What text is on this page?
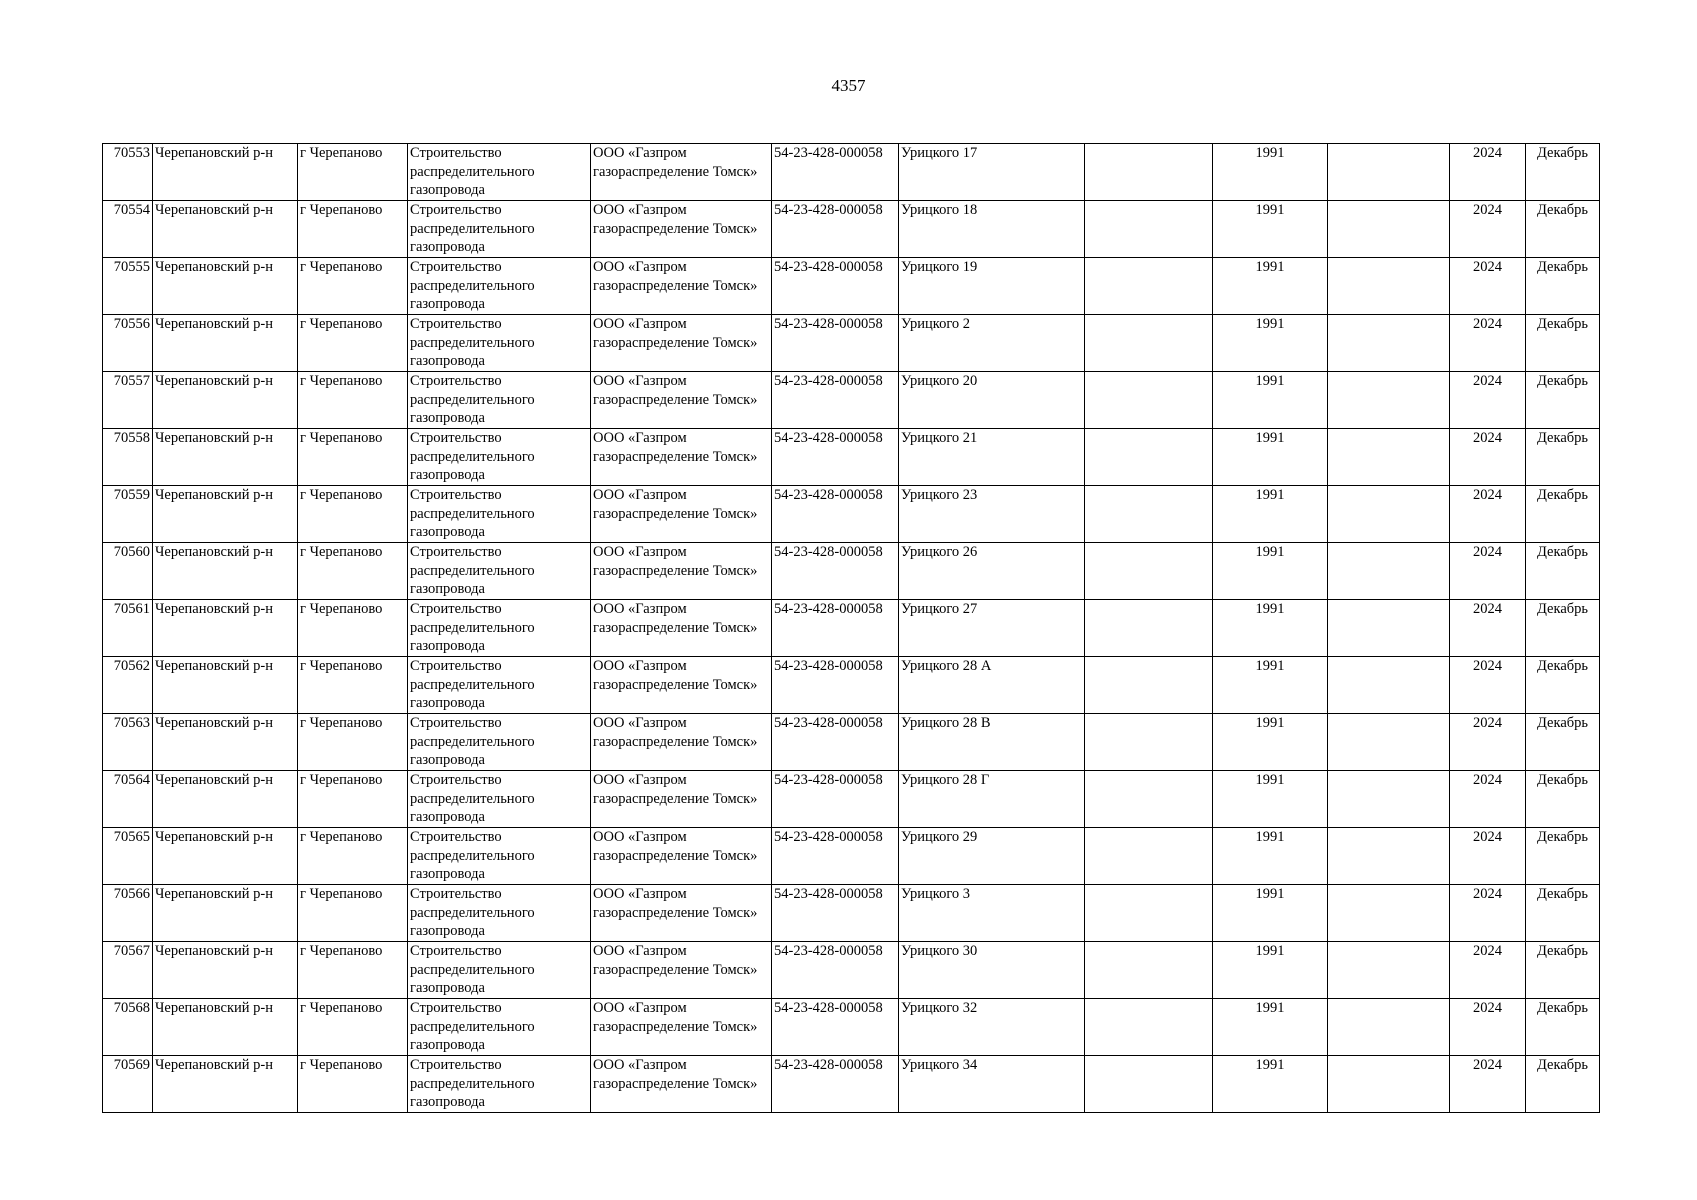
4357
70553	Черепановский р-н	г Черепаново	Строительство распределительного газопровода	ООО «Газпром газораспределение Томск»	54-23-428-000058	Урицкого 17		1991		2024	Декабрь
70554	Черепановский р-н	г Черепаново	Строительство распределительного газопровода	ООО «Газпром газораспределение Томск»	54-23-428-000058	Урицкого 18		1991		2024	Декабрь
70555	Черепановский р-н	г Черепаново	Строительство распределительного газопровода	ООО «Газпром газораспределение Томск»	54-23-428-000058	Урицкого 19		1991		2024	Декабрь
70556	Черепановский р-н	г Черепаново	Строительство распределительного газопровода	ООО «Газпром газораспределение Томск»	54-23-428-000058	Урицкого 2		1991		2024	Декабрь
70557	Черепановский р-н	г Черепаново	Строительство распределительного газопровода	ООО «Газпром газораспределение Томск»	54-23-428-000058	Урицкого 20		1991		2024	Декабрь
70558	Черепановский р-н	г Черепаново	Строительство распределительного газопровода	ООО «Газпром газораспределение Томск»	54-23-428-000058	Урицкого 21		1991		2024	Декабрь
70559	Черепановский р-н	г Черепаново	Строительство распределительного газопровода	ООО «Газпром газораспределение Томск»	54-23-428-000058	Урицкого 23		1991		2024	Декабрь
70560	Черепановский р-н	г Черепаново	Строительство распределительного газопровода	ООО «Газпром газораспределение Томск»	54-23-428-000058	Урицкого 26		1991		2024	Декабрь
70561	Черепановский р-н	г Черепаново	Строительство распределительного газопровода	ООО «Газпром газораспределение Томск»	54-23-428-000058	Урицкого 27		1991		2024	Декабрь
70562	Черепановский р-н	г Черепаново	Строительство распределительного газопровода	ООО «Газпром газораспределение Томск»	54-23-428-000058	Урицкого 28 А		1991		2024	Декабрь
70563	Черепановский р-н	г Черепаново	Строительство распределительного газопровода	ООО «Газпром газораспределение Томск»	54-23-428-000058	Урицкого 28 В		1991		2024	Декабрь
70564	Черепановский р-н	г Черепаново	Строительство распределительного газопровода	ООО «Газпром газораспределение Томск»	54-23-428-000058	Урицкого 28 Г		1991		2024	Декабрь
70565	Черепановский р-н	г Черепаново	Строительство распределительного газопровода	ООО «Газпром газораспределение Томск»	54-23-428-000058	Урицкого 29		1991		2024	Декабрь
70566	Черепановский р-н	г Черепаново	Строительство распределительного газопровода	ООО «Газпром газораспределение Томск»	54-23-428-000058	Урицкого 3		1991		2024	Декабрь
70567	Черепановский р-н	г Черепаново	Строительство распределительного газопровода	ООО «Газпром газораспределение Томск»	54-23-428-000058	Урицкого 30		1991		2024	Декабрь
70568	Черепановский р-н	г Черепаново	Строительство распределительного газопровода	ООО «Газпром газораспределение Томск»	54-23-428-000058	Урицкого 32		1991		2024	Декабрь
70569	Черепановский р-н	г Черепаново	Строительство распределительного газопровода	ООО «Газпром газораспределение Томск»	54-23-428-000058	Урицкого 34		1991		2024	Декабрь
